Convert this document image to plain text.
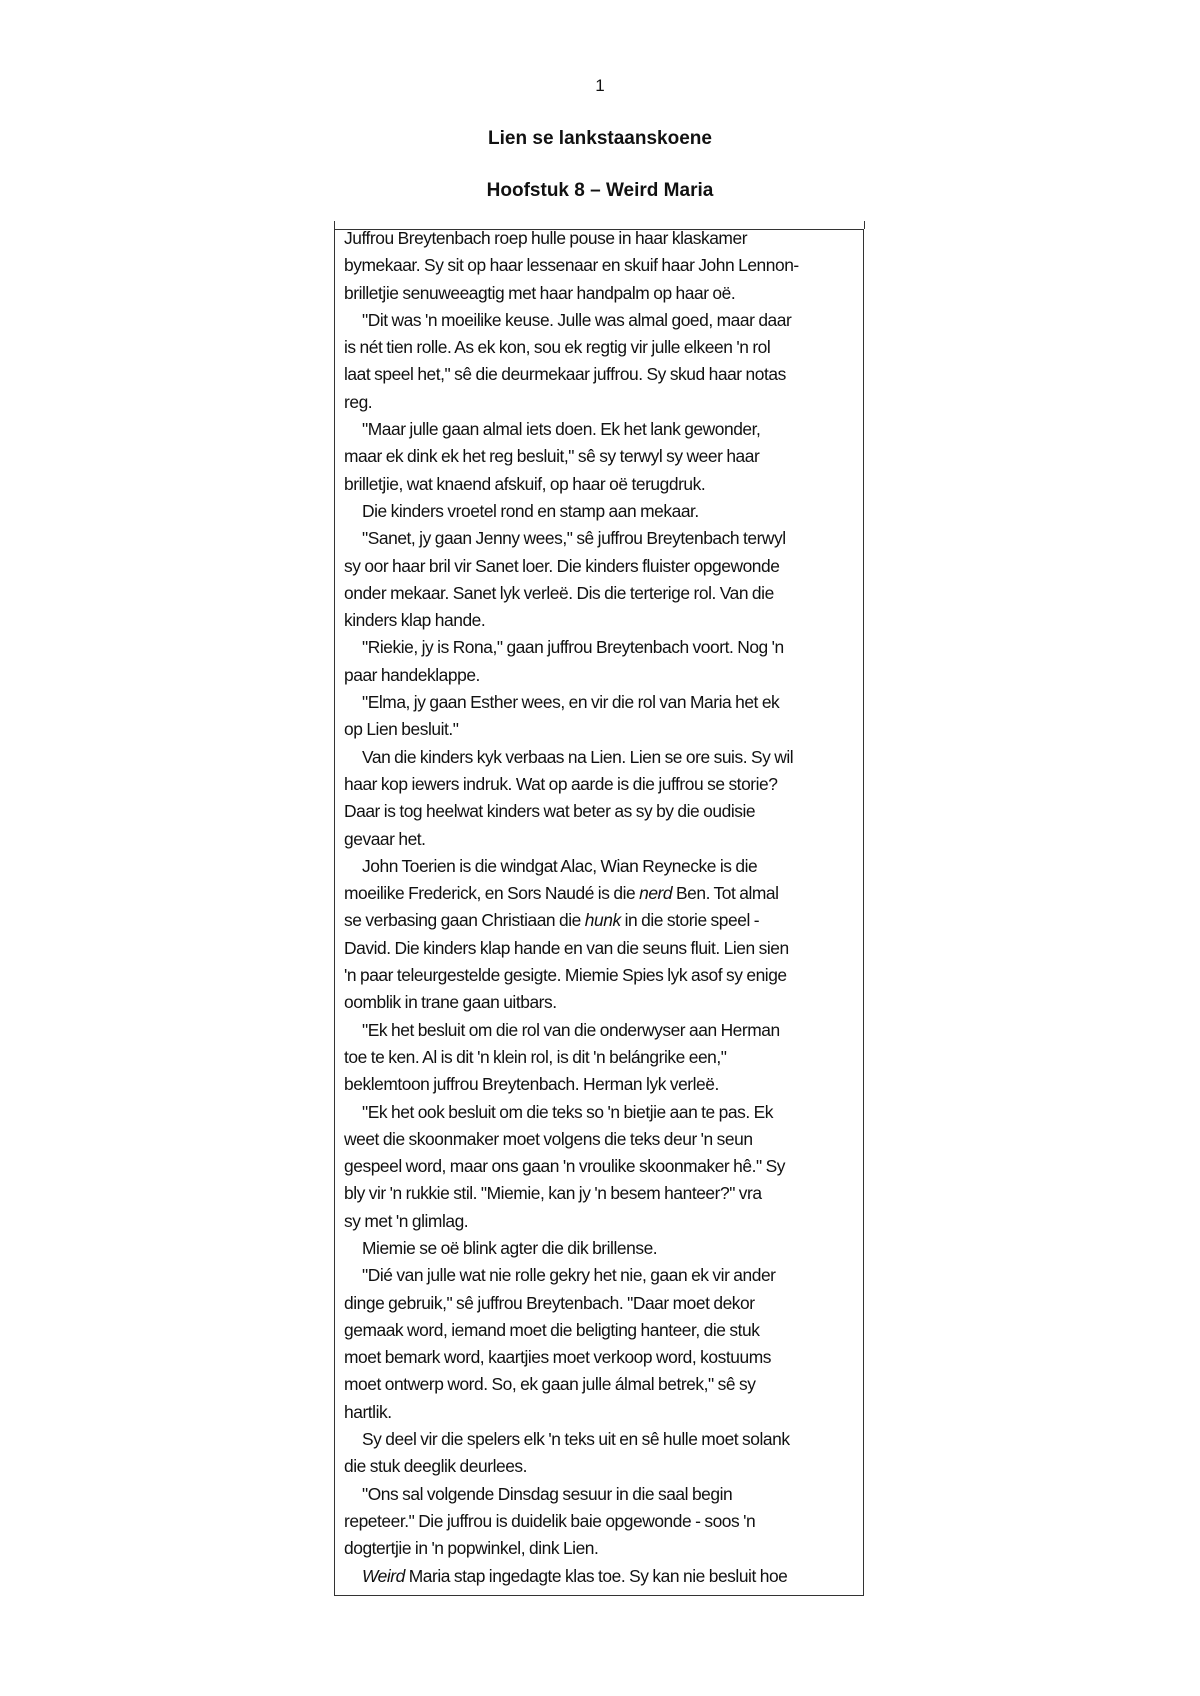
1
Lien se lankstaanskoene
Hoofstuk 8 – Weird Maria
Juffrou Breytenbach roep hulle pouse in haar klaskamer
bymekaar. Sy sit op haar lessenaar en skuif haar John Lennon-
brilletjie senuweeagtig met haar handpalm op haar oë.
"Dit was 'n moeilike keuse. Julle was almal goed, maar daar
is nét tien rolle. As ek kon, sou ek regtig vir julle elkeen 'n rol
laat speel het," sê die deurmekaar juffrou. Sy skud haar notas
reg.
"Maar julle gaan almal iets doen. Ek het lank gewonder,
maar ek dink ek het reg besluit," sê sy terwyl sy weer haar
brilletjie, wat knaend afskuif, op haar oë terugdruk.
Die kinders vroetel rond en stamp aan mekaar.
"Sanet, jy gaan Jenny wees," sê juffrou Breytenbach terwyl
sy oor haar bril vir Sanet loer. Die kinders fluister opgewonde
onder mekaar. Sanet lyk verleë. Dis die terterige rol. Van die
kinders klap hande.
"Riekie, jy is Rona," gaan juffrou Breytenbach voort. Nog 'n
paar handeklappe.
"Elma, jy gaan Esther wees, en vir die rol van Maria het ek
op Lien besluit."
Van die kinders kyk verbaas na Lien. Lien se ore suis. Sy wil
haar kop iewers indruk. Wat op aarde is die juffrou se storie?
Daar is tog heelwat kinders wat beter as sy by die oudisie
gevaar het.
John Toerien is die windgat Alac, Wian Reynecke is die
moeilike Frederick, en Sors Naudé is die nerd Ben. Tot almal
se verbasing gaan Christiaan die hunk in die storie speel -
David. Die kinders klap hande en van die seuns fluit. Lien sien
'n paar teleurgestelde gesigte. Miemie Spies lyk asof sy enige
oomblik in trane gaan uitbars.
"Ek het besluit om die rol van die onderwyser aan Herman
toe te ken. Al is dit 'n klein rol, is dit 'n belángrike een,"
beklemtoon juffrou Breytenbach. Herman lyk verleë.
"Ek het ook besluit om die teks so 'n bietjie aan te pas. Ek
weet die skoonmaker moet volgens die teks deur 'n seun
gespeel word, maar ons gaan 'n vroulike skoonmaker hê." Sy
bly vir 'n rukkie stil. "Miemie, kan jy 'n besem hanteer?" vra
sy met 'n glimlag.
Miemie se oë blink agter die dik brillense.
"Dié van julle wat nie rolle gekry het nie, gaan ek vir ander
dinge gebruik," sê juffrou Breytenbach. "Daar moet dekor
gemaak word, iemand moet die beligting hanteer, die stuk
moet bemark word, kaartjies moet verkoop word, kostuums
moet ontwerp word. So, ek gaan julle álmal betrek," sê sy
hartlik.
Sy deel vir die spelers elk 'n teks uit en sê hulle moet solank
die stuk deeglik deurlees.
"Ons sal volgende Dinsdag sesuur in die saal begin
repeteer." Die juffrou is duidelik baie opgewonde - soos 'n
dogtertjie in 'n popwinkel, dink Lien.
Weird Maria stap ingedagte klas toe. Sy kan nie besluit hoe
